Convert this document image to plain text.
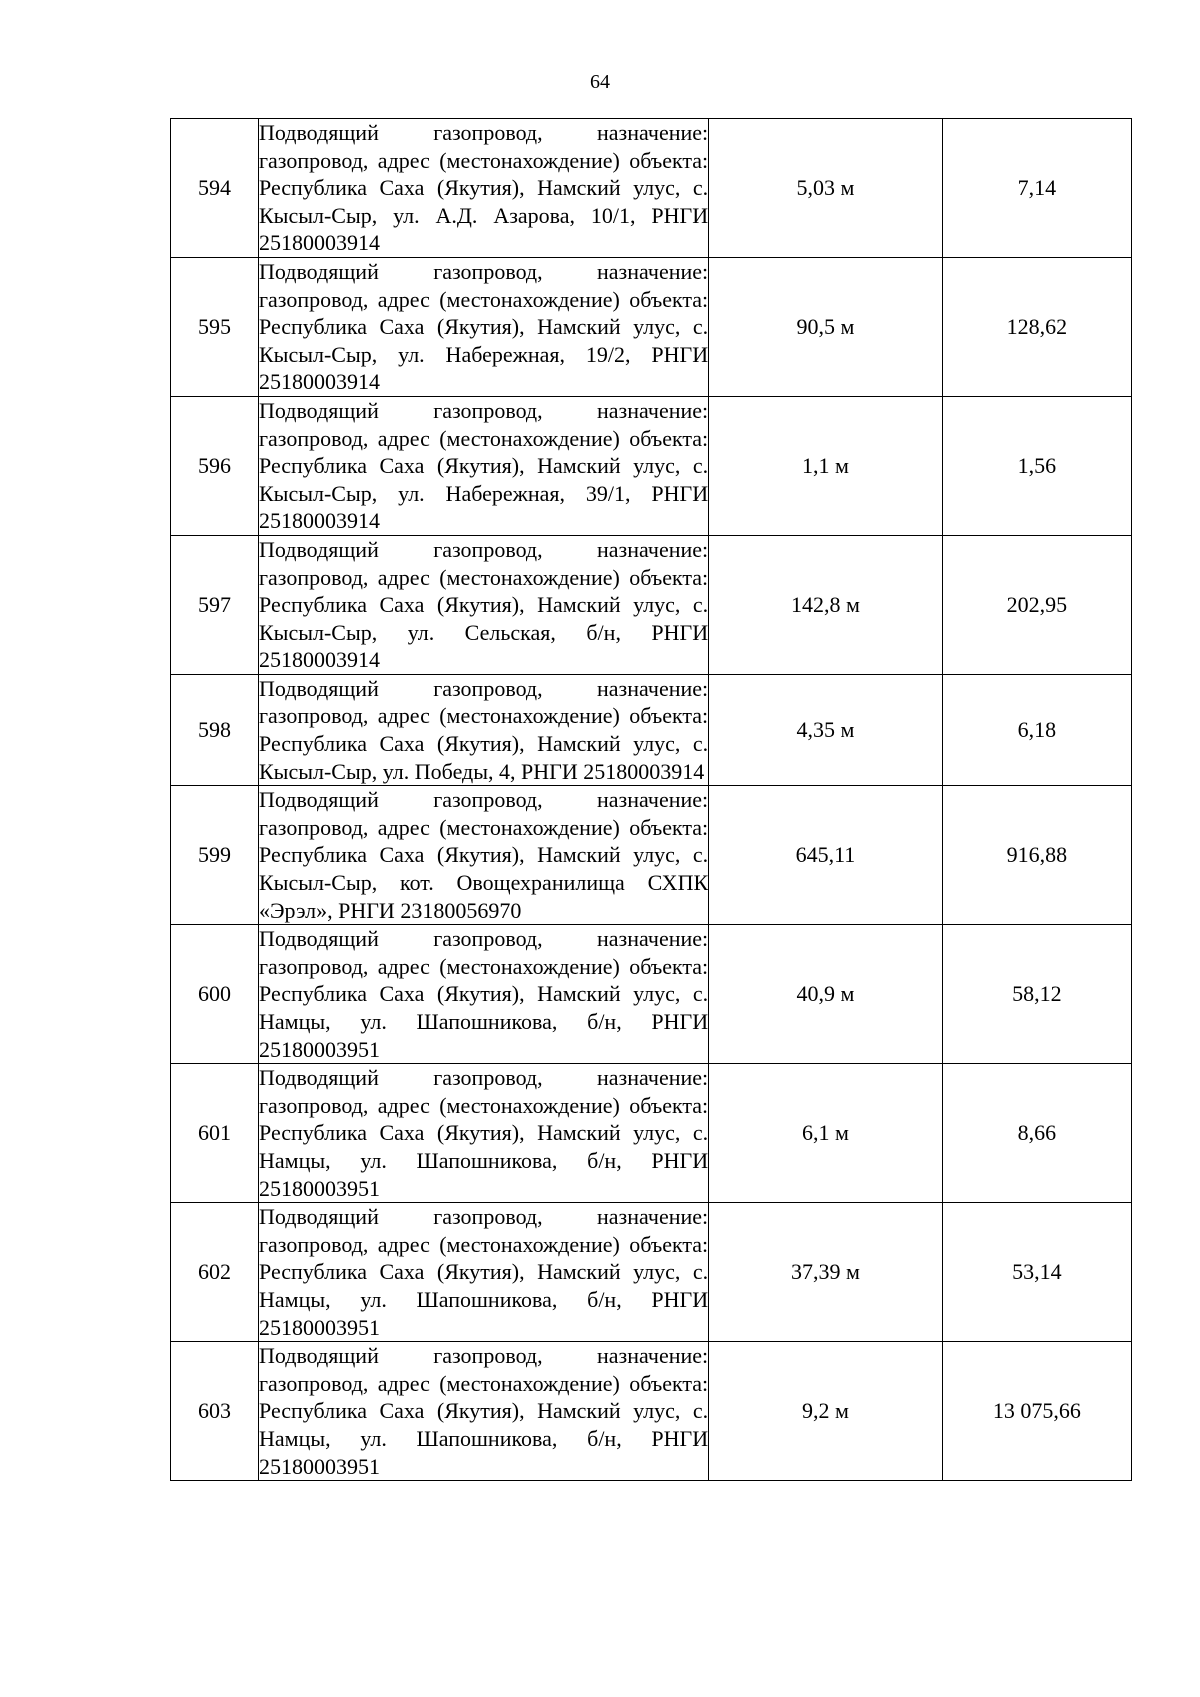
64
594	Подводящий газопровод, назначение: газопровод, адрес (местонахождение) объекта: Республика Саха (Якутия), Намский улус, с. Кысыл-Сыр, ул. А.Д. Азарова, 10/1, РНГИ 25180003914	5,03 м	7,14
595	Подводящий газопровод, назначение: газопровод, адрес (местонахождение) объекта: Республика Саха (Якутия), Намский улус, с. Кысыл-Сыр, ул. Набережная, 19/2, РНГИ 25180003914	90,5 м	128,62
596	Подводящий газопровод, назначение: газопровод, адрес (местонахождение) объекта: Республика Саха (Якутия), Намский улус, с. Кысыл-Сыр, ул. Набережная, 39/1, РНГИ 25180003914	1,1 м	1,56
597	Подводящий газопровод, назначение: газопровод, адрес (местонахождение) объекта: Республика Саха (Якутия), Намский улус, с. Кысыл-Сыр, ул. Сельская, б/н, РНГИ 25180003914	142,8 м	202,95
598	Подводящий газопровод, назначение: газопровод, адрес (местонахождение) объекта: Республика Саха (Якутия), Намский улус, с. Кысыл-Сыр, ул. Победы, 4, РНГИ 25180003914	4,35 м	6,18
599	Подводящий газопровод, назначение: газопровод, адрес (местонахождение) объекта: Республика Саха (Якутия), Намский улус, с. Кысыл-Сыр, кот. Овощехранилища СХПК «Эрэл», РНГИ 23180056970	645,11	916,88
600	Подводящий газопровод, назначение: газопровод, адрес (местонахождение) объекта: Республика Саха (Якутия), Намский улус, с. Намцы, ул. Шапошникова, б/н, РНГИ 25180003951	40,9 м	58,12
601	Подводящий газопровод, назначение: газопровод, адрес (местонахождение) объекта: Республика Саха (Якутия), Намский улус, с. Намцы, ул. Шапошникова, б/н, РНГИ 25180003951	6,1 м	8,66
602	Подводящий газопровод, назначение: газопровод, адрес (местонахождение) объекта: Республика Саха (Якутия), Намский улус, с. Намцы, ул. Шапошникова, б/н, РНГИ 25180003951	37,39 м	53,14
603	Подводящий газопровод, назначение: газопровод, адрес (местонахождение) объекта: Республика Саха (Якутия), Намский улус, с. Намцы, ул. Шапошникова, б/н, РНГИ 25180003951	9,2 м	13 075,66
